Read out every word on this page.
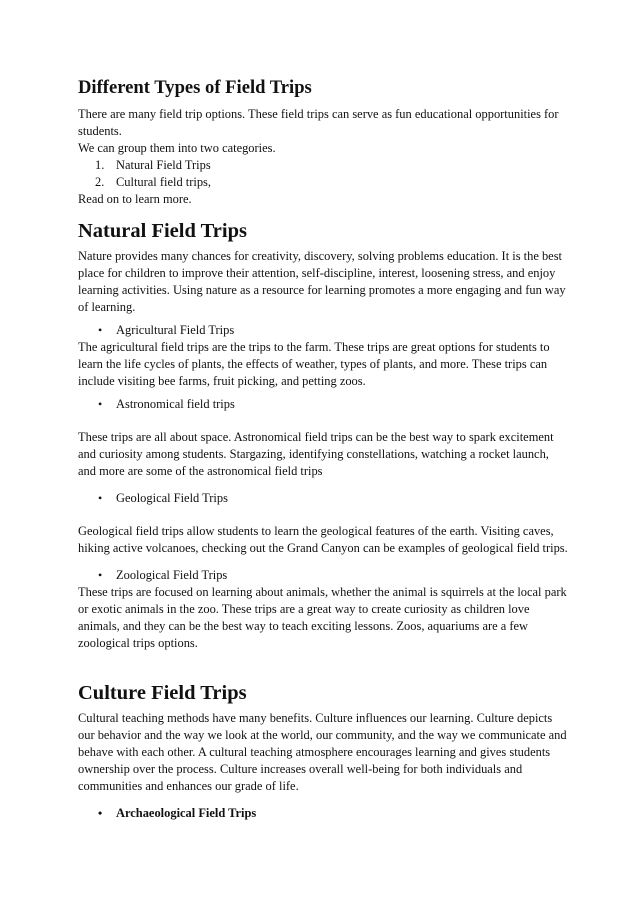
Different Types of Field Trips

There are many field trip options. These field trips can serve as fun educational opportunities for students.

We can group them into two categories.

1. Natural Field Trips
2. Cultural field trips,

Read on to learn more.

Natural Field Trips

Nature provides many chances for creativity, discovery, solving problems education. It is the best place for children to improve their attention, self-discipline, interest, loosening stress, and enjoy learning activities. Using nature as a resource for learning promotes a more engaging and fun way of learning.

•	Agricultural Field Trips

The agricultural field trips are the trips to the farm. These trips are great options for students to learn the life cycles of plants, the effects of weather, types of plants, and more. These trips can include visiting bee farms, fruit picking, and petting zoos.

•	Astronomical field trips

These trips are all about space. Astronomical field trips can be the best way to spark excitement and curiosity among students. Stargazing, identifying constellations, watching a rocket launch, and more are some of the astronomical field trips

•	Geological Field Trips

Geological field trips allow students to learn the geological features of the earth. Visiting caves, hiking active volcanoes, checking out the Grand Canyon can be examples of geological field trips.

•	Zoological Field Trips

These trips are focused on learning about animals, whether the animal is squirrels at the local park or exotic animals in the zoo. These trips are a great way to create curiosity as children love animals, and they can be the best way to teach exciting lessons. Zoos, aquariums are a few zoological trips options.

Culture Field Trips

Cultural teaching methods have many benefits. Culture influences our learning. Culture depicts our behavior and the way we look at the world, our community, and the way we communicate and behave with each other. A cultural teaching atmosphere encourages learning and gives students ownership over the process. Culture increases overall well-being for both individuals and communities and enhances our grade of life.

•	Archaeological Field Trips
